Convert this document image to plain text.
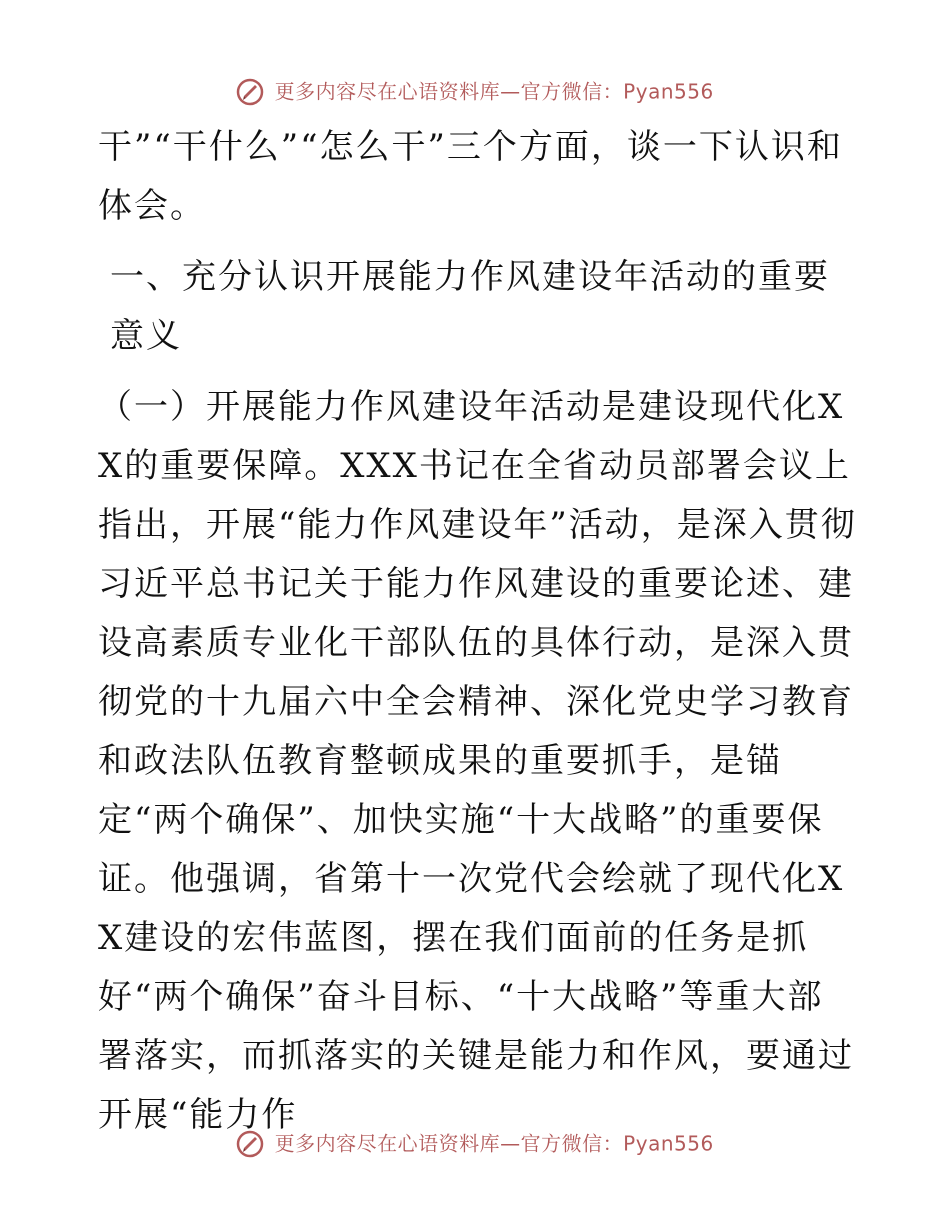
更多内容尽在心语资料库—官方微信：Pyan556

干”“干什么”“怎么干”三个方面，谈一下认识和体会。

一、充分认识开展能力作风建设年活动的重要意义

（一）开展能力作风建设年活动是建设现代化XX的重要保障。XXX书记在全省动员部署会议上指出，开展“能力作风建设年”活动，是深入贯彻习近平总书记关于能力作风建设的重要论述、建设高素质专业化干部队伍的具体行动，是深入贯彻党的十九届六中全会精神、深化党史学习教育和政法队伍教育整顿成果的重要抓手，是锚定“两个确保”、加快实施“十大战略”的重要保证。他强调，省第十一次党代会绘就了现代化XX建设的宏伟蓝图，摆在我们面前的任务是抓好“两个确保”奋斗目标、“十大战略”等重大部署落实，而抓落实的关键是能力和作风，要通过开展“能力作

更多内容尽在心语资料库—官方微信：Pyan556
